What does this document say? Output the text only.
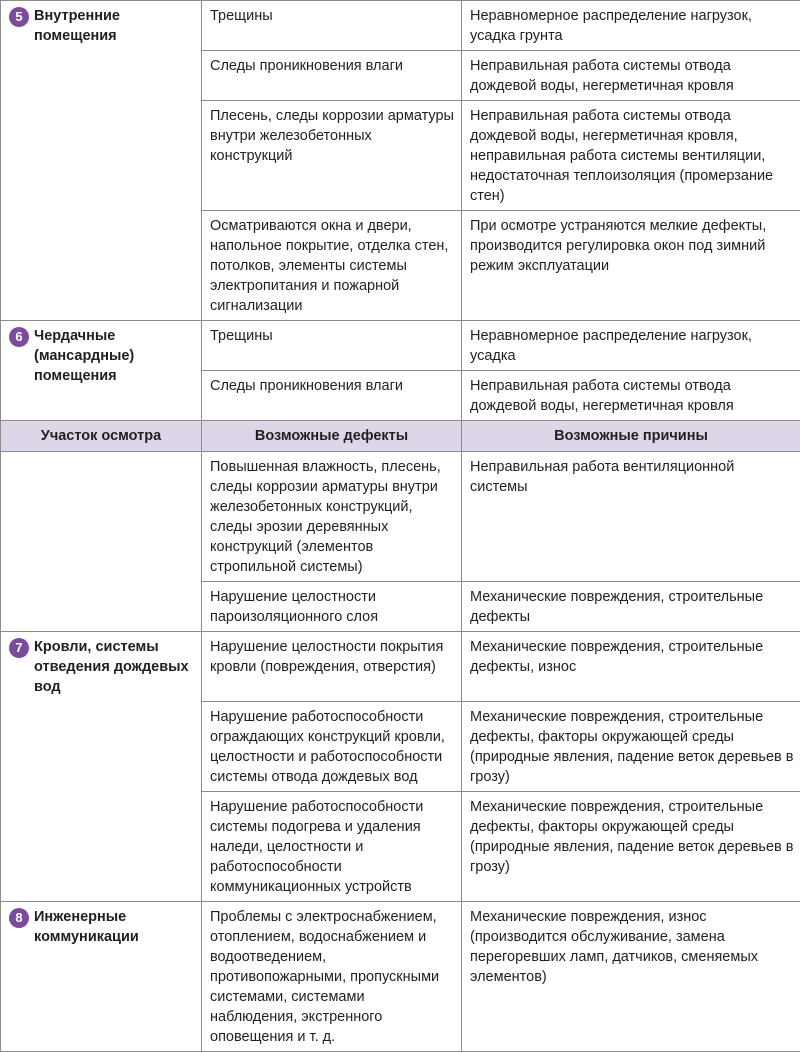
5 Внутренние помещения	Трещины	Неравномерное распределение нагрузок, усадка грунта
	Следы проникновения влаги	Неправильная работа системы отвода дождевой воды, негерметичная кровля
	Плесень, следы коррозии арматуры внутри железобетонных конструкций	Неправильная работа системы отвода дождевой воды, негерметичная кровля, неправильная работа системы вентиляции, недостаточная теплоизоляция (промерзание стен)
	Осматриваются окна и двери, напольное покрытие, отделка стен, потолков, элементы системы электропитания и пожарной сигнализации	При осмотре устраняются мелкие дефекты, производится регулировка окон под зимний режим эксплуатации

6 Чердачные (мансардные) помещения	Трещины	Неравномерное распределение нагрузок, усадка
	Следы проникновения влаги	Неправильная работа системы отвода дождевой воды, негерметичная кровля
Участок осмотра	Возможные дефекты	Возможные причины
	Повышенная влажность, плесень, следы коррозии арматуры внутри железобетонных конструкций, следы эрозии деревянных конструкций (элементов стропильной системы)	Неправильная работа вентиляционной системы
	Нарушение целостности пароизоляционного слоя	Механические повреждения, строительные дефекты

7 Кровли, системы отведения дождевых вод	Нарушение целостности покрытия кровли (повреждения, отверстия)	Механические повреждения, строительные дефекты, износ
	Нарушение работоспособности ограждающих конструкций кровли, целостности и работоспособности системы отвода дождевых вод	Механические повреждения, строительные дефекты, факторы окружающей среды (природные явления, падение веток деревьев в грозу)
	Нарушение работоспособности системы подогрева и удаления наледи, целостности и работоспособности коммуникационных устройств	Механические повреждения, строительные дефекты, факторы окружающей среды (природные явления, падение веток деревьев в грозу)

8 Инженерные коммуникации	Проблемы с электроснабжением, отоплением, водоснабжением и водоотведением, противопожарными, пропускными системами, системами наблюдения, экстренного оповещения и т. д.	Механические повреждения, износ (производится обслуживание, замена перегоревших ламп, датчиков, сменяемых элементов)
